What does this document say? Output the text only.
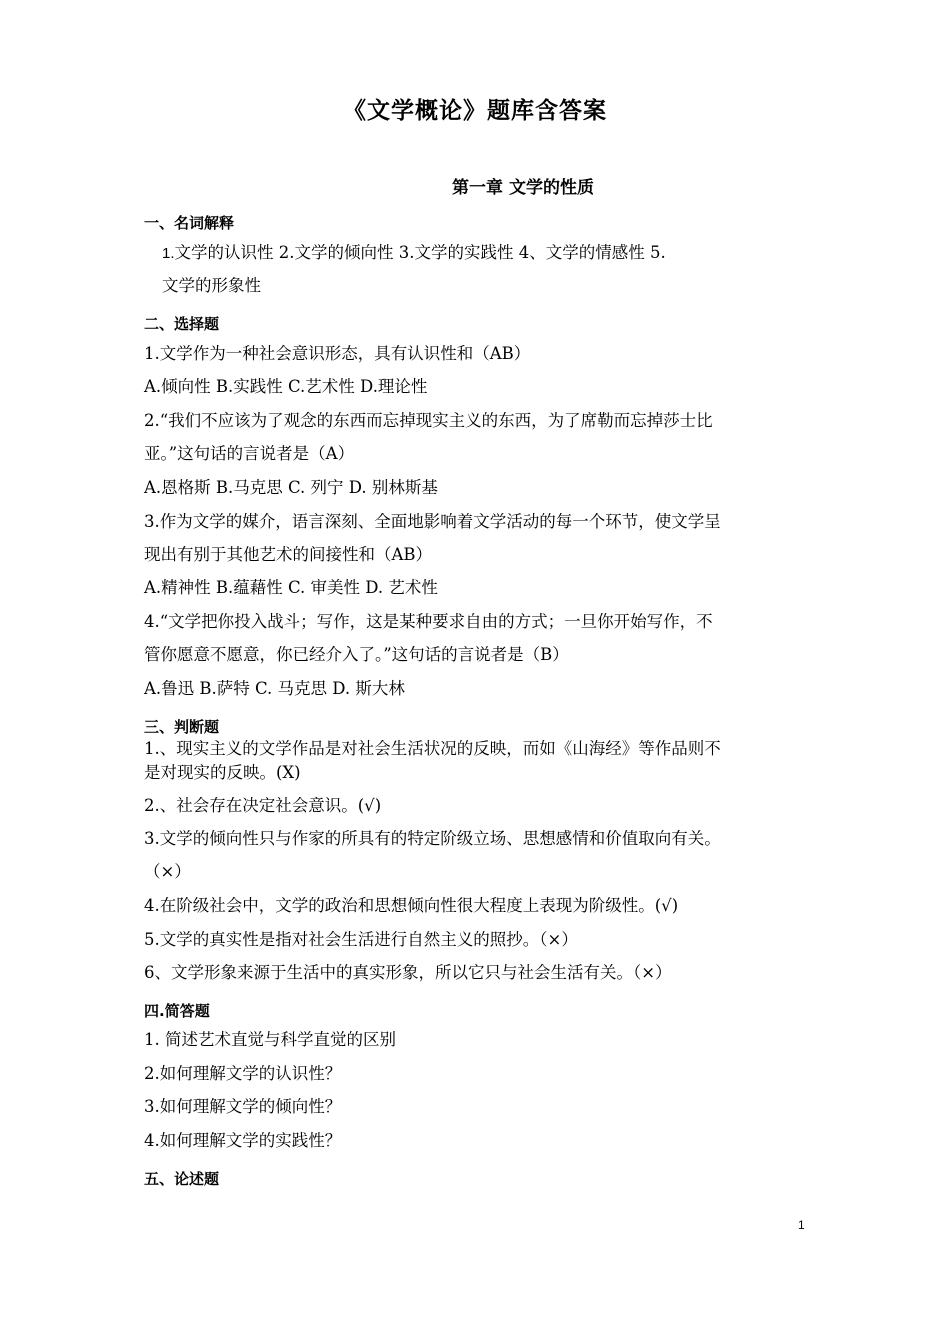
《文学概论》题库含答案
第一章 文学的性质
一、名词解释
1.文学的认识性 2.文学的倾向性 3.文学的实践性 4、文学的情感性 5.
文学的形象性
二、选择题
1.文学作为一种社会意识形态，具有认识性和（AB）
A.倾向性 B.实践性 C.艺术性 D.理论性
2.“我们不应该为了观念的东西而忘掉现实主义的东西，为了席勒而忘掉莎士比
亚。”这句话的言说者是（A）
A.恩格斯 B.马克思 C. 列宁 D. 别林斯基
3.作为文学的媒介，语言深刻、全面地影响着文学活动的每一个环节，使文学呈
现出有别于其他艺术的间接性和（AB）
A.精神性 B.蕴藉性 C. 审美性 D. 艺术性
4.“文学把你投入战斗；写作，这是某种要求自由的方式；一旦你开始写作，不
管你愿意不愿意，你已经介入了。”这句话的言说者是（B）
A.鲁迅 B.萨特 C. 马克思 D. 斯大林
三、判断题
1.、现实主义的文学作品是对社会生活状况的反映，而如《山海经》等作品则不
是对现实的反映。(X)
2.、社会存在决定社会意识。(√)
3.文学的倾向性只与作家的所具有的特定阶级立场、思想感情和价值取向有关。
（×）
4.在阶级社会中，文学的政治和思想倾向性很大程度上表现为阶级性。(√)
5.文学的真实性是指对社会生活进行自然主义的照抄。（×）
6、文学形象来源于生活中的真实形象，所以它只与社会生活有关。（×）
四.简答题
1. 简述艺术直觉与科学直觉的区别
2.如何理解文学的认识性？
3.如何理解文学的倾向性？
4.如何理解文学的实践性？
五、论述题
1
